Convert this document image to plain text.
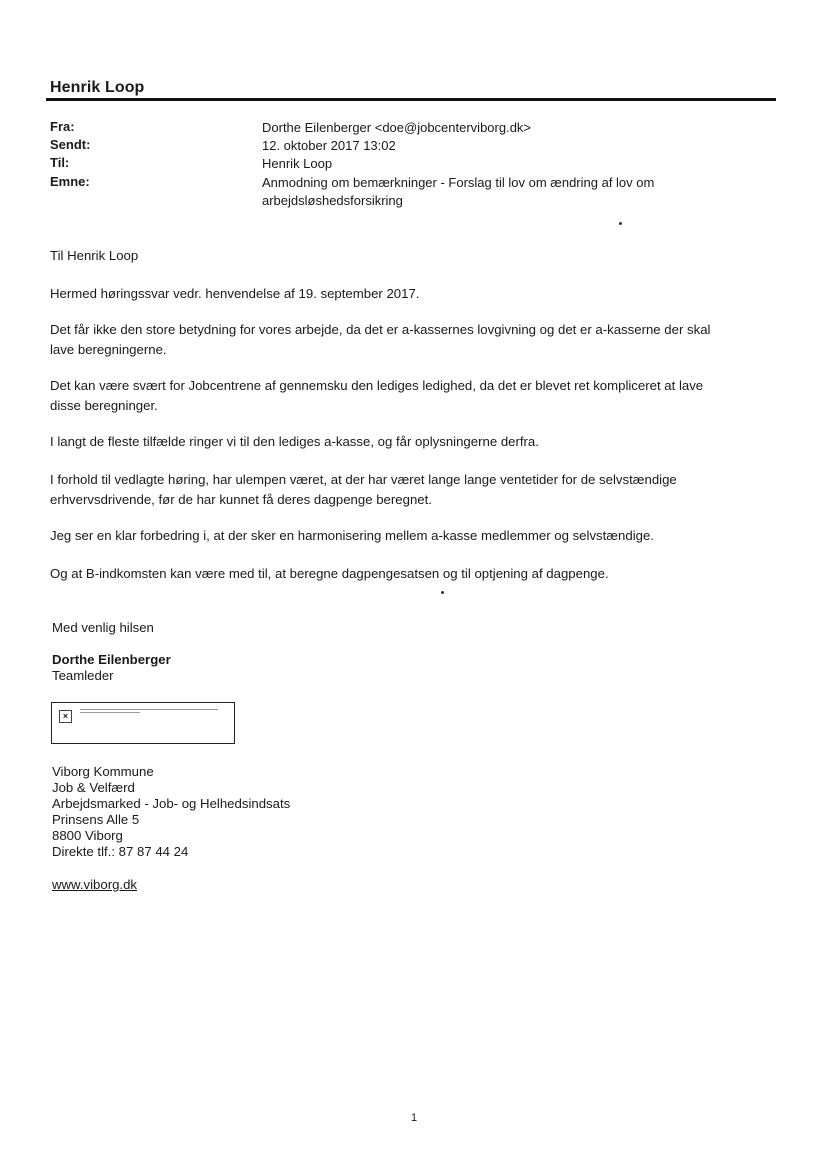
Henrik Loop
Fra:	Dorthe Eilenberger <doe@jobcenterviborg.dk>
Sendt:	12. oktober 2017 13:02
Til:	Henrik Loop
Emne:	Anmodning om bemærkninger - Forslag til lov om ændring af lov om
arbejdsløshedsforsikring
Til Henrik Loop
Hermed høringssvar vedr. henvendelse af 19. september 2017.
Det får ikke den store betydning for vores arbejde, da det er a-kassernes lovgivning og det er a-kasserne der skal
lave beregningerne.
Det kan være svært for Jobcentrene af gennemsku den lediges ledighed, da det er blevet ret kompliceret at lave
disse beregninger.
I langt de fleste tilfælde ringer vi til den lediges a-kasse, og får oplysningerne derfra.
I forhold til vedlagte høring, har ulempen været, at der har været lange lange ventetider for de selvstændige
erhvervsdrivende, før de har kunnet få deres dagpenge beregnet.
Jeg ser en klar forbedring i, at der sker en harmonisering mellem a-kasse medlemmer og selvstændige.
Og at B-indkomsten kan være med til, at beregne dagpengesatsen og til optjening af dagpenge.
Med venlig hilsen
Dorthe Eilenberger
Teamleder
×
Viborg Kommune
Job & Velfærd
Arbejdsmarked - Job- og Helhedsindsats
Prinsens Alle 5
8800 Viborg
Direkte tlf.: 87 87 44 24
www.viborg.dk
1
